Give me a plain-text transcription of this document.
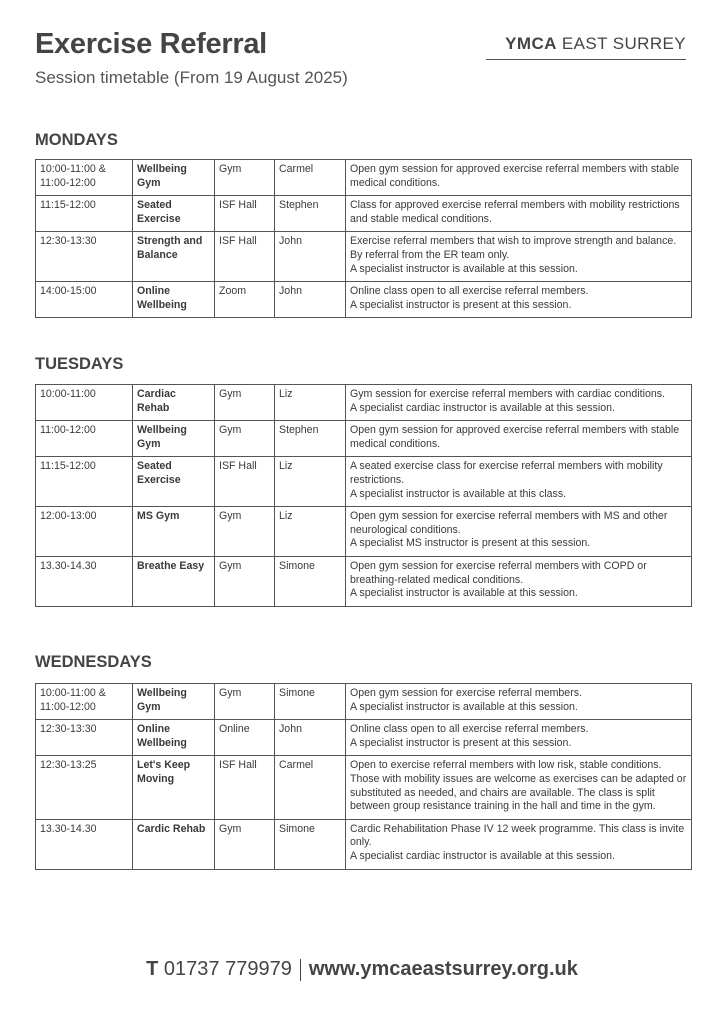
Exercise Referral
Session timetable (From 19 August 2025)
YMCA EAST SURREY
MONDAYS
10:00-11:00 & 11:00-12:00	Wellbeing Gym	Gym	Carmel	Open gym session for approved exercise referral members with stable medical conditions.

11:15-12:00	Seated Exercise	ISF Hall	Stephen	Class for approved exercise referral members with mobility restrictions and stable medical conditions.

12:30-13:30	Strength and Balance	ISF Hall	John	Exercise referral members that wish to improve strength and balance.
By referral from the ER team only.
A specialist instructor is available at this session.

14:00-15:00	Online Wellbeing	Zoom	John	Online class open to all exercise referral members.
A specialist instructor is present at this session.
TUESDAYS
10:00-11:00	Cardiac Rehab	Gym	Liz	Gym session for exercise referral members with cardiac conditions.
A specialist cardiac instructor is available at this session.

11:00-12:00	Wellbeing Gym	Gym	Stephen	Open gym session for approved exercise referral members with stable medical conditions.

11:15-12:00	Seated Exercise	ISF Hall	Liz	A seated exercise class for exercise referral members with mobility restrictions.
A specialist instructor is available at this class.

12:00-13:00	MS Gym	Gym	Liz	Open gym session for exercise referral members with MS and other neurological conditions.
A specialist MS instructor is present at this session.

13.30-14.30	Breathe Easy	Gym	Simone	Open gym session for exercise referral members with COPD or breathing-related medical conditions.
A specialist instructor is available at this session.
WEDNESDAYS
10:00-11:00 & 11:00-12:00	Wellbeing Gym	Gym	Simone	Open gym session for exercise referral members.
A specialist instructor is available at this session.

12:30-13:30	Online Wellbeing	Online	John	Online class open to all exercise referral members.
A specialist instructor is present at this session.

12:30-13:25	Let's Keep Moving	ISF Hall	Carmel	Open to exercise referral members with low risk, stable conditions. Those with mobility issues are welcome as exercises can be adapted or substituted as needed, and chairs are available. The class is split between group resistance training in the hall and time in the gym.

13.30-14.30	Cardic Rehab	Gym	Simone	Cardic Rehabilitation Phase IV 12 week programme. This class is invite only.
A specialist cardiac instructor is available at this session.
T 01737 779979 www.ymcaeastsurrey.org.uk
